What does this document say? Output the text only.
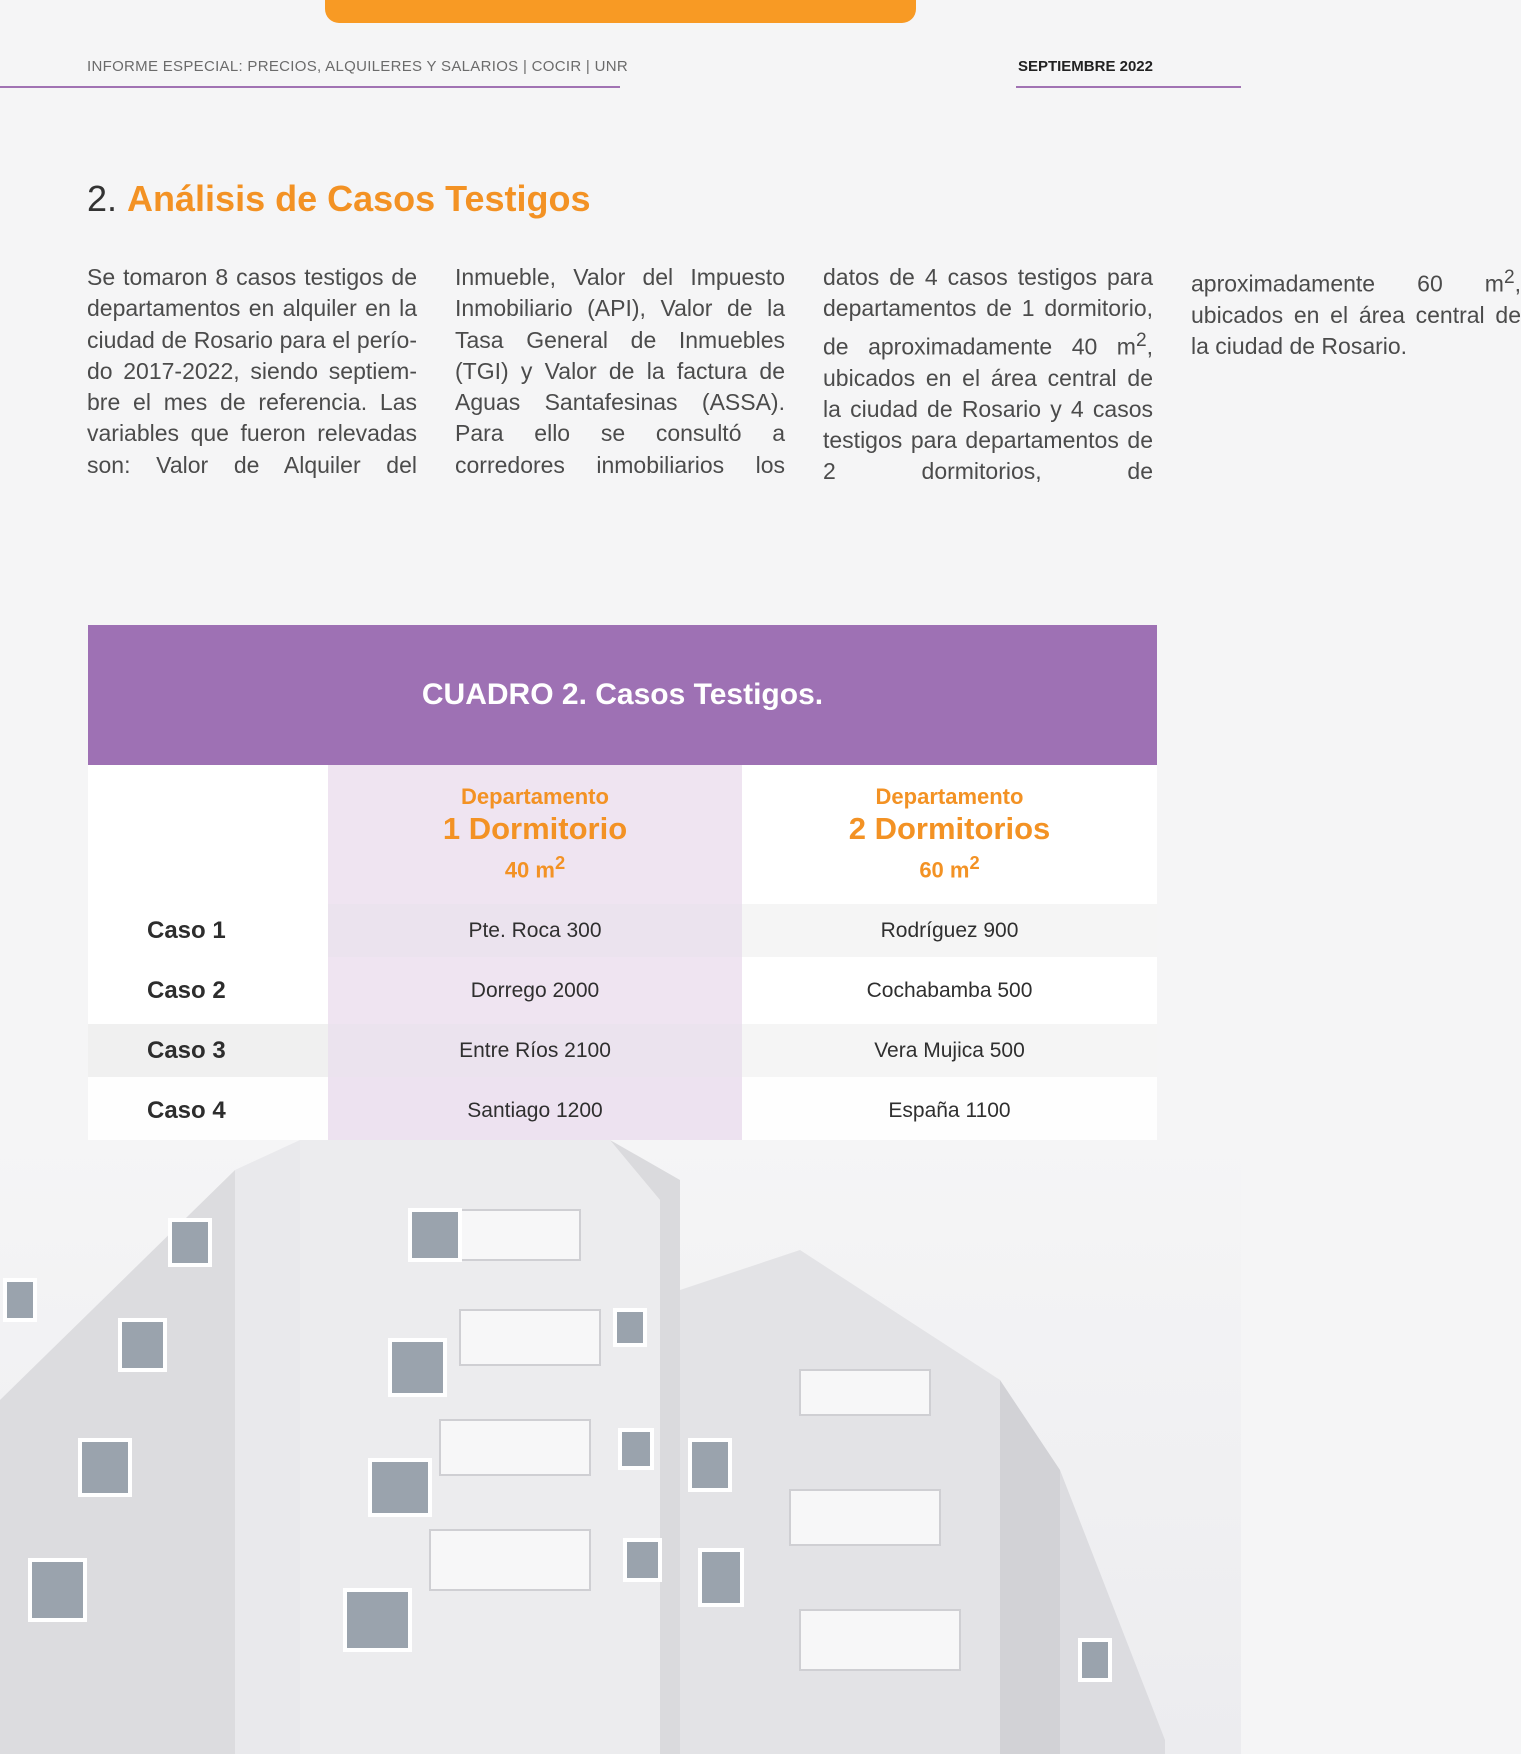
INFORME ESPECIAL: PRECIOS, ALQUILERES Y SALARIOS | COCIR | UNR	SEPTIEMBRE 2022
2. Análisis de Casos Testigos
Se tomaron 8 casos testigos de departamentos en alquiler en la ciudad de Rosario para el período 2017-2022, siendo septiembre el mes de referencia. Las variables que fueron relevadas son: Valor de Alquiler del Inmueble, Valor del Impuesto Inmobiliario (API), Valor de la Tasa General de Inmuebles (TGI) y Valor de la factura de Aguas Santafesinas (ASSA). Para ello se consultó a corredores inmobiliarios los datos de 4 casos testigos para departamentos de 1 dormitorio, de aproximadamente 40 $m^2$, ubicados en el área central de la ciudad de Rosario y 4 casos testigos para departamentos de 2 dormitorios, de aproximadamente 60 $m^2$, ubicados en el área central de la ciudad de Rosario.
CUADRO 2. Casos Testigos.
Departamento
1 Dormitorio
40 $m^2$
Departamento
2 Dormitorios
60 $m^2$
Caso 1	Pte. Roca 300	Rodríguez 900
Caso 2	Dorrego 2000	Cochabamba 500
Caso 3	Entre Ríos 2100	Vera Mujica 500
Caso 4	Santiago 1200	España 1100
